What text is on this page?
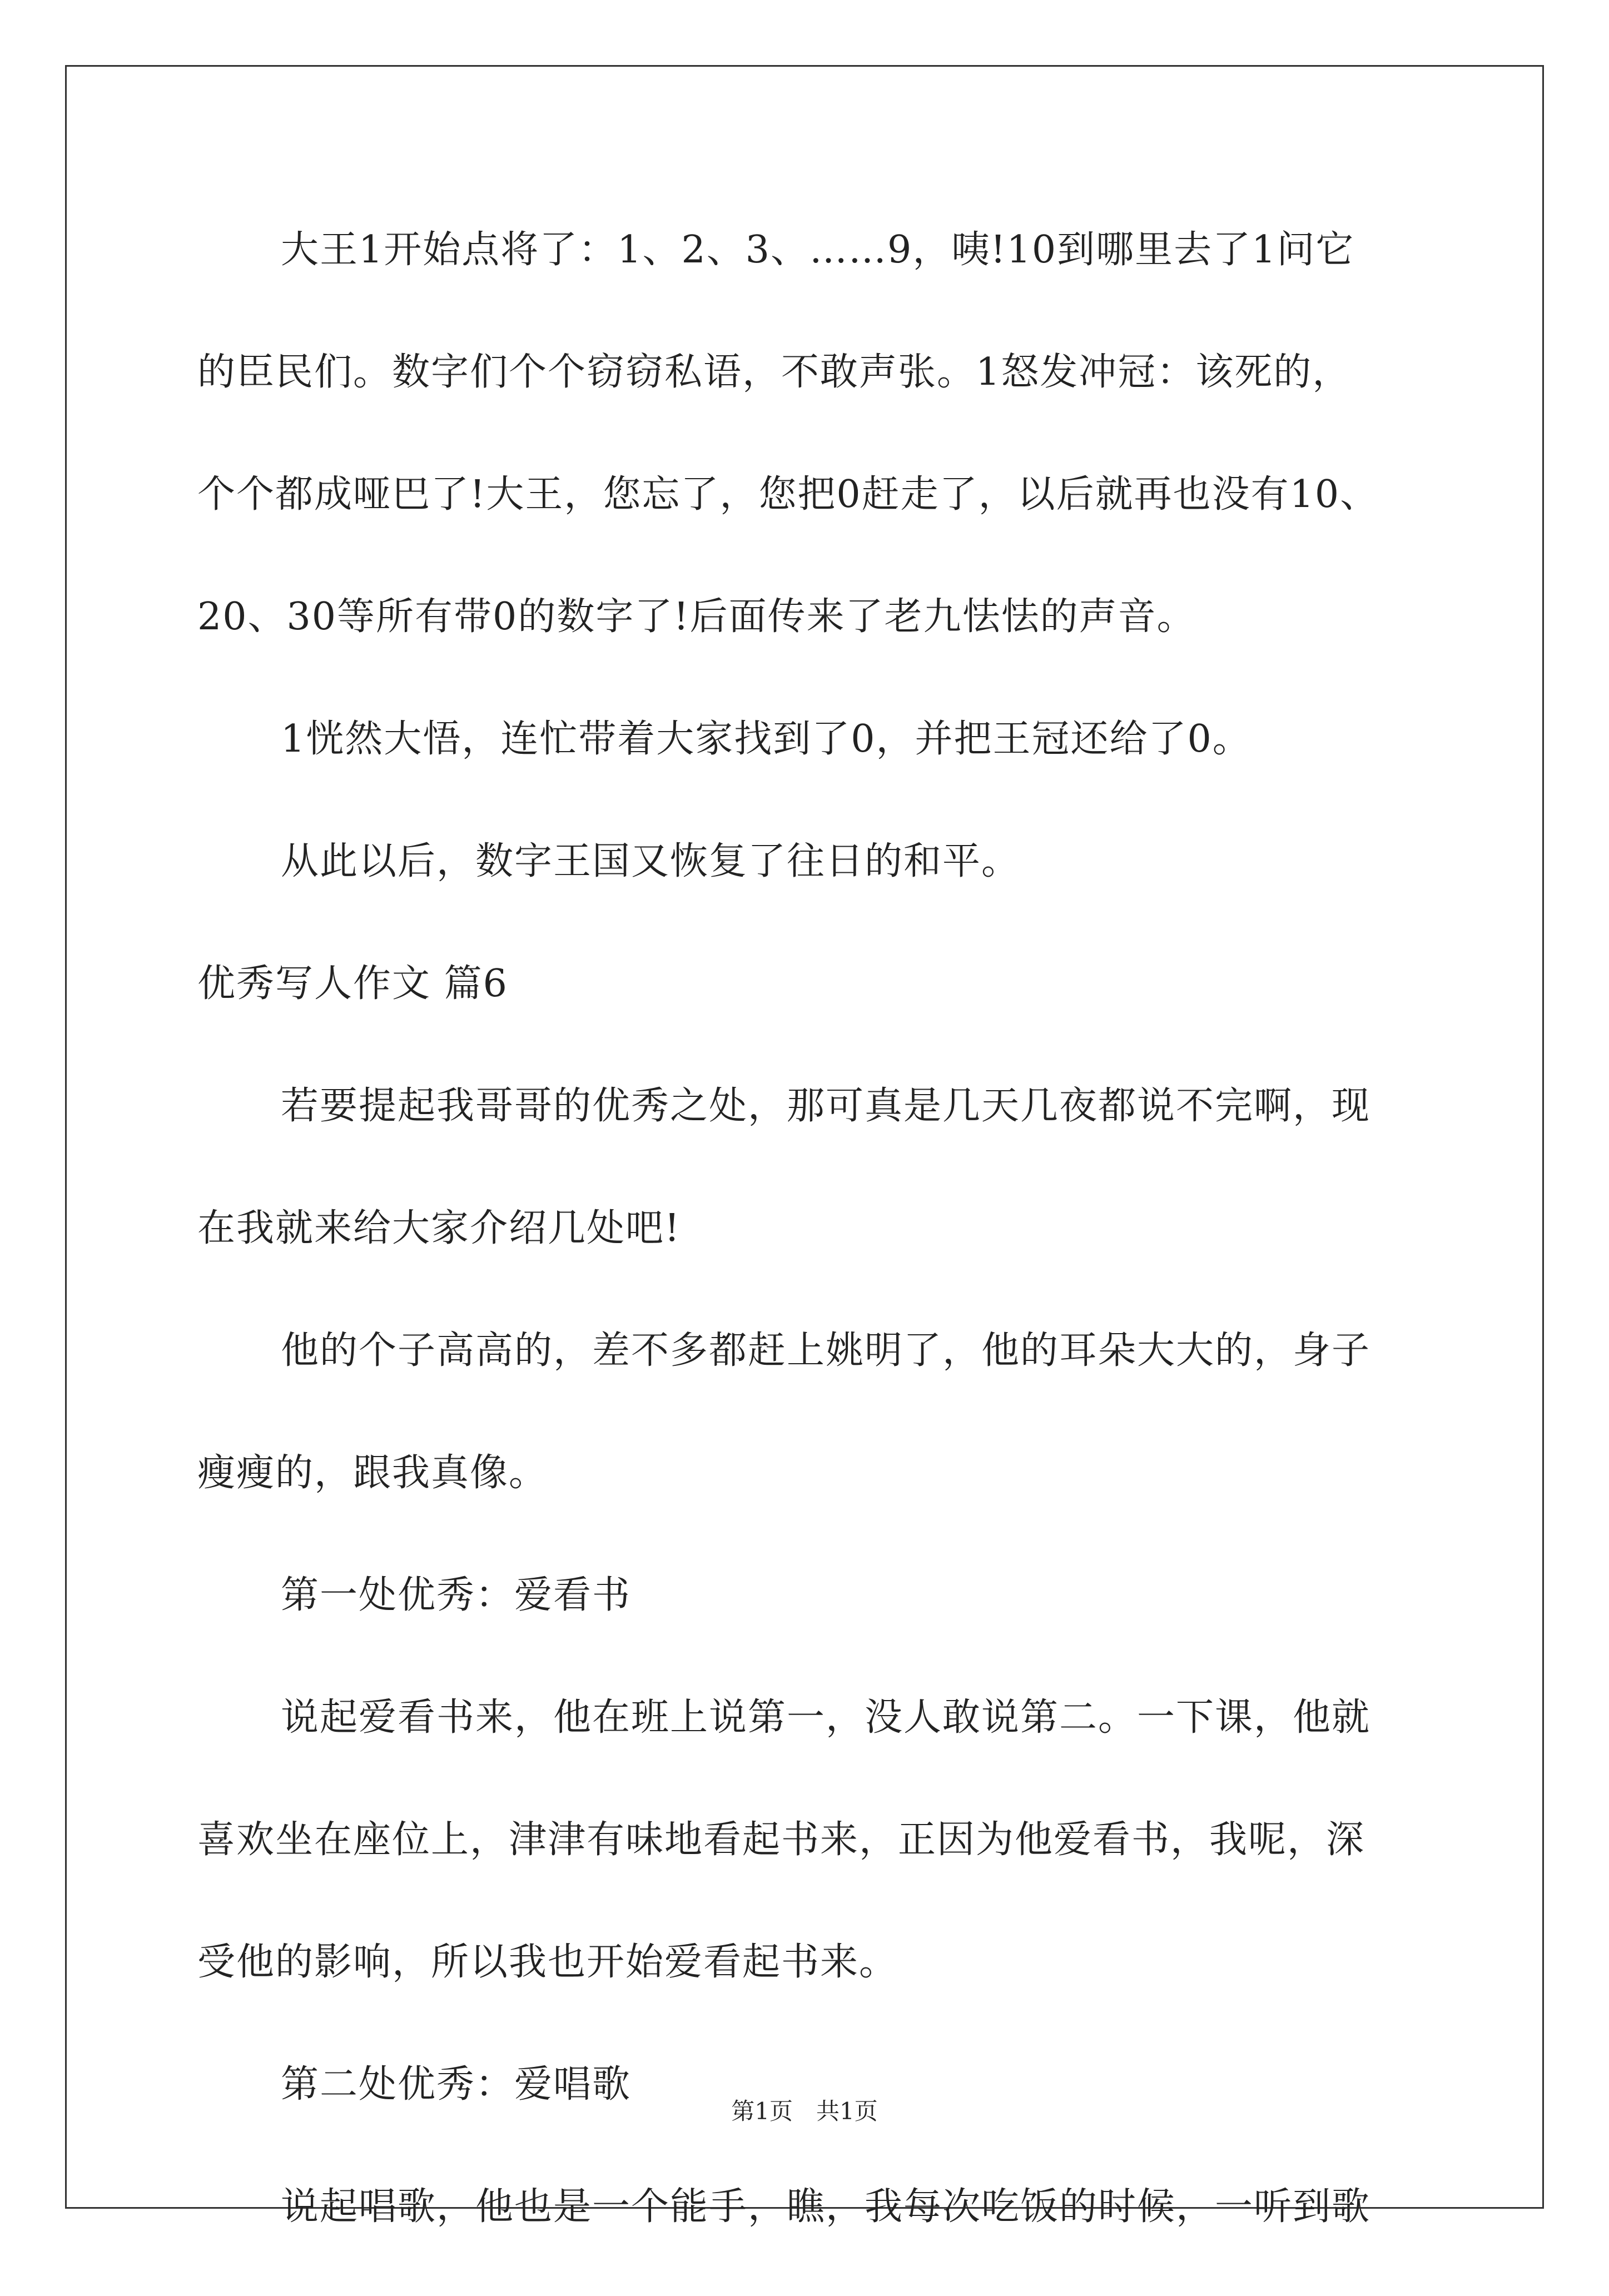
大王1开始点将了：1、2、3、……9，咦!10到哪里去了1问它
的臣民们。数字们个个窃窃私语，不敢声张。1怒发冲冠：该死的，
个个都成哑巴了!大王，您忘了，您把0赶走了，以后就再也没有10、
20、30等所有带0的数字了!后面传来了老九怯怯的声音。
1恍然大悟，连忙带着大家找到了0，并把王冠还给了0。
从此以后，数字王国又恢复了往日的和平。
优秀写人作文 篇6
若要提起我哥哥的优秀之处，那可真是几天几夜都说不完啊，现
在我就来给大家介绍几处吧!
他的个子高高的，差不多都赶上姚明了，他的耳朵大大的，身子
瘦瘦的，跟我真像。
第一处优秀：爱看书
说起爱看书来，他在班上说第一，没人敢说第二。一下课，他就
喜欢坐在座位上，津津有味地看起书来，正因为他爱看书，我呢，深
受他的影响，所以我也开始爱看起书来。
第二处优秀：爱唱歌
说起唱歌，他也是一个能手，瞧，我每次吃饭的时候，一听到歌
第1页　共1页
